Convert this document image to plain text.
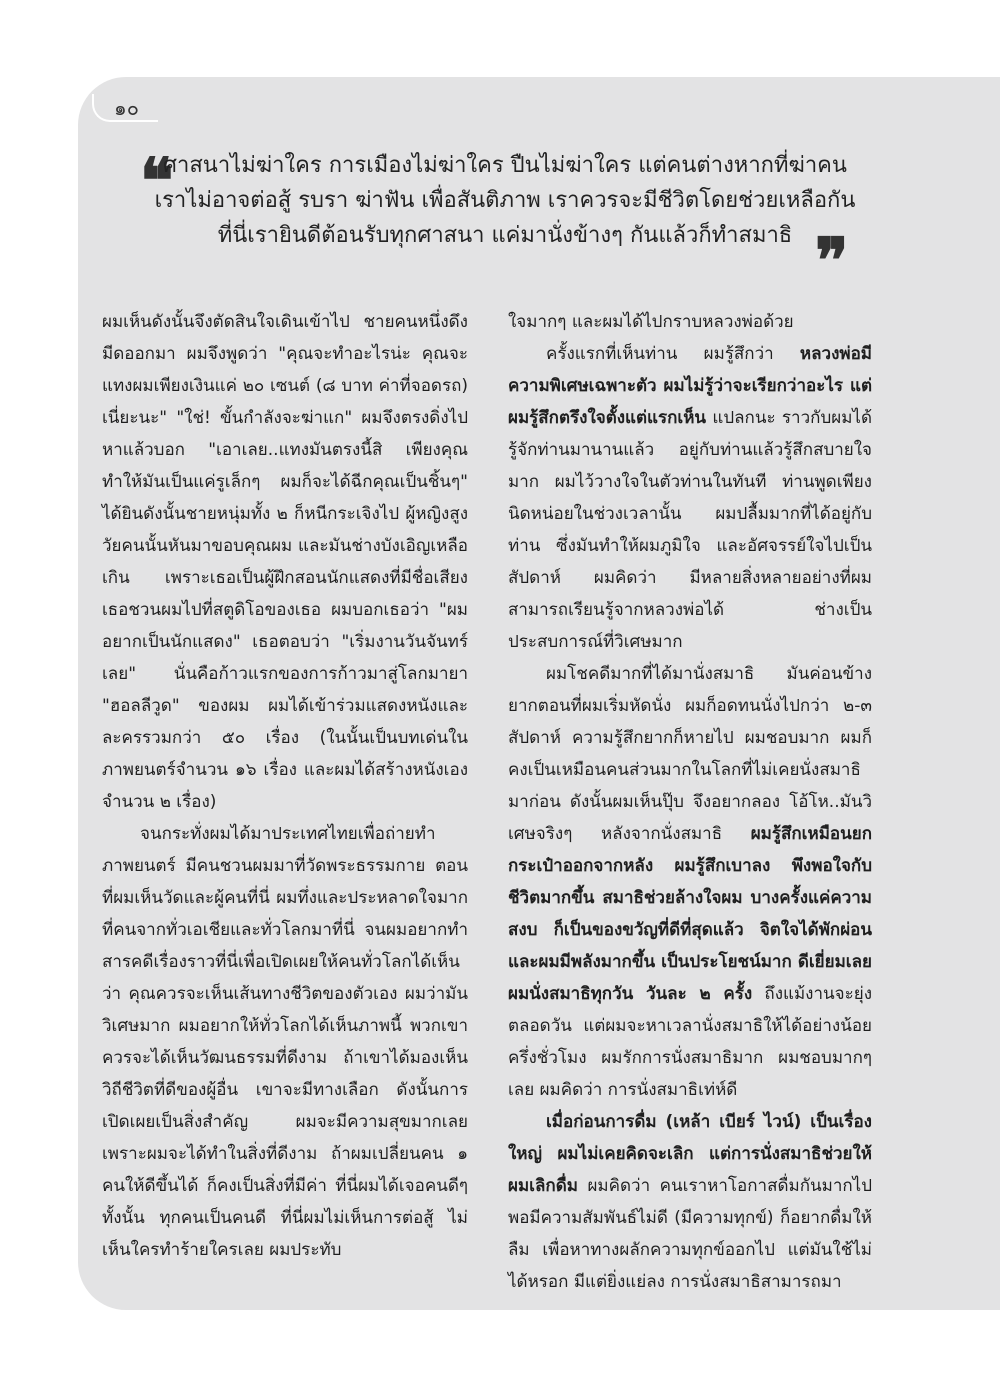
๑๐
❝
ศาสนาไม่ฆ่าใคร การเมืองไม่ฆ่าใคร ปืนไม่ฆ่าใคร แต่คนต่างหากที่ฆ่าคน
เราไม่อาจต่อสู้ รบรา ฆ่าฟัน เพื่อสันติภาพ เราควรจะมีชีวิตโดยช่วยเหลือกัน
ที่นี่เรายินดีต้อนรับทุกศาสนา แค่มานั่งข้างๆ กันแล้วก็ทำสมาธิ ❞

ผมเห็นดังนั้นจึงตัดสินใจเดินเข้าไป ชายคนหนึ่งดึงมีดออกมา ผมจึงพูดว่า "คุณจะทำอะไรน่ะ คุณจะแทงผมเพียงเงินแค่ ๒๐ เซนต์ (๘ บาท ค่าที่จอดรถ) เนี่ยะนะ" "ใช่! ขั้นกำลังจะฆ่าแก" ผมจึงตรงดิ่งไปหาแล้วบอก "เอาเลย..แทงมันตรงนี้สิ เพียงคุณทำให้มันเป็นแค่รูเล็กๆ ผมก็จะได้ฉีกคุณเป็นชิ้นๆ" ได้ยินดังนั้นชายหนุ่มทั้ง ๒ ก็หนีกระเจิงไป ผู้หญิงสูงวัยคนนั้นหันมาขอบคุณผม และมันช่างบังเอิญเหลือเกิน เพราะเธอเป็นผู้ฝึกสอนนักแสดงที่มีชื่อเสียง เธอชวนผมไปที่สตูดิโอของเธอ ผมบอกเธอว่า "ผมอยากเป็นนักแสดง" เธอตอบว่า "เริ่มงานวันจันทร์เลย" นั่นคือก้าวแรกของการก้าวมาสู่โลกมายา "ฮอลลีวูด" ของผม ผมได้เข้าร่วมแสดงหนังและละครรวมกว่า ๕๐ เรื่อง (ในนั้นเป็นบทเด่นในภาพยนตร์จำนวน ๑๖ เรื่อง และผมได้สร้างหนังเองจำนวน ๒ เรื่อง)

จนกระทั่งผมได้มาประเทศไทยเพื่อถ่ายทำภาพยนตร์ มีคนชวนผมมาที่วัดพระธรรมกาย ตอนที่ผมเห็นวัดและผู้คนที่นี่ ผมทึ่งและประหลาดใจมากที่คนจากทั่วเอเชียและทั่วโลกมาที่นี่ จนผมอยากทำสารคดีเรื่องราวที่นี่เพื่อเปิดเผยให้คนทั่วโลกได้เห็นว่า คุณควรจะเห็นเส้นทางชีวิตของตัวเอง ผมว่ามันวิเศษมาก ผมอยากให้ทั่วโลกได้เห็นภาพนี้ พวกเขาควรจะได้เห็นวัฒนธรรมที่ดีงาม ถ้าเขาได้มองเห็นวิถีชีวิตที่ดีของผู้อื่น เขาจะมีทางเลือก ดังนั้นการเปิดเผยเป็นสิ่งสำคัญ ผมจะมีความสุขมากเลย เพราะผมจะได้ทำในสิ่งที่ดีงาม ถ้าผมเปลี่ยนคน ๑ คนให้ดีขึ้นได้ ก็คงเป็นสิ่งที่มีค่า ที่นี่ผมได้เจอคนดีๆ ทั้งนั้น ทุกคนเป็นคนดี ที่นี่ผมไม่เห็นการต่อสู้ ไม่เห็นใครทำร้ายใครเลย ผมประทับ

ใจมากๆ และผมได้ไปกราบหลวงพ่อด้วย

ครั้งแรกที่เห็นท่าน ผมรู้สึกว่า หลวงพ่อมีความพิเศษเฉพาะตัว ผมไม่รู้ว่าจะเรียกว่าอะไร แต่ผมรู้สึกตรึงใจตั้งแต่แรกเห็น แปลกนะ ราวกับผมได้รู้จักท่านมานานแล้ว อยู่กับท่านแล้วรู้สึกสบายใจมาก ผมไว้วางใจในตัวท่านในทันที ท่านพูดเพียงนิดหน่อยในช่วงเวลานั้น ผมปลื้มมากที่ได้อยู่กับท่าน ซึ่งมันทำให้ผมภูมิใจ และอัศจรรย์ใจไปเป็นสัปดาห์ ผมคิดว่า มีหลายสิ่งหลายอย่างที่ผมสามารถเรียนรู้จากหลวงพ่อได้ ช่างเป็นประสบการณ์ที่วิเศษมาก

ผมโชคดีมากที่ได้มานั่งสมาธิ มันค่อนข้างยากตอนที่ผมเริ่มหัดนั่ง ผมก็อดทนนั่งไปกว่า ๒-๓ สัปดาห์ ความรู้สึกยากก็หายไป ผมชอบมาก ผมก็คงเป็นเหมือนคนส่วนมากในโลกที่ไม่เคยนั่งสมาธิมาก่อน ดังนั้นผมเห็นปุ๊บ จึงอยากลอง โอ้โห..มันวิเศษจริงๆ หลังจากนั่งสมาธิ ผมรู้สึกเหมือนยกกระเป๋าออกจากหลัง ผมรู้สึกเบาลง พึงพอใจกับชีวิตมากขึ้น สมาธิช่วยล้างใจผม บางครั้งแค่ความสงบ ก็เป็นของขวัญที่ดีที่สุดแล้ว จิตใจได้พักผ่อน และผมมีพลังมากขึ้น เป็นประโยชน์มาก ดีเยี่ยมเลย ผมนั่งสมาธิทุกวัน วันละ ๒ ครั้ง ถึงแม้งานจะยุ่งตลอดวัน แต่ผมจะหาเวลานั่งสมาธิให้ได้อย่างน้อยครึ่งชั่วโมง ผมรักการนั่งสมาธิมาก ผมชอบมากๆ เลย ผมคิดว่า การนั่งสมาธิเท่ห์ดี

เมื่อก่อนการดื่ม (เหล้า เบียร์ ไวน์) เป็นเรื่องใหญ่ ผมไม่เคยคิดจะเลิก แต่การนั่งสมาธิช่วยให้ผมเลิกดื่ม ผมคิดว่า คนเราหาโอกาสดื่มกันมากไป พอมีความสัมพันธ์ไม่ดี (มีความทุกข์) ก็อยากดื่มให้ลืม เพื่อหาทางผลักความทุกข์ออกไป แต่มันใช้ไม่ได้หรอก มีแต่ยิ่งแย่ลง การนั่งสมาธิสามารถมา
